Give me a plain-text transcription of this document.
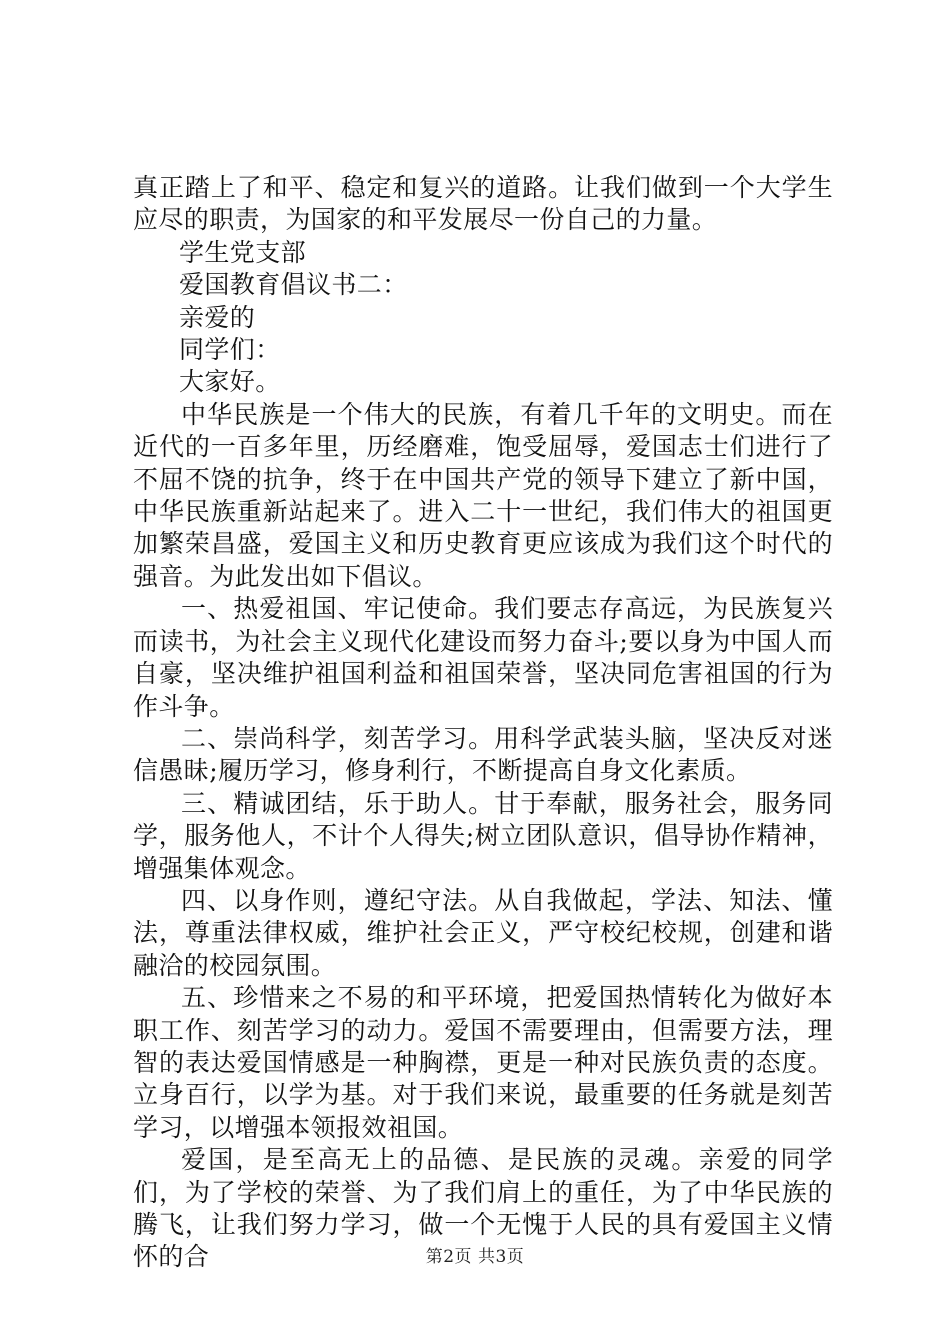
真正踏上了和平、稳定和复兴的道路。让我们做到一个大学生应尽的职责，为国家的和平发展尽一份自己的力量。

学生党支部

爱国教育倡议书二：

亲爱的

同学们：

大家好。

中华民族是一个伟大的民族，有着几千年的文明史。而在近代的一百多年里，历经磨难，饱受屈辱，爱国志士们进行了不屈不饶的抗争，终于在中国共产党的领导下建立了新中国，中华民族重新站起来了。进入二十一世纪，我们伟大的祖国更加繁荣昌盛，爱国主义和历史教育更应该成为我们这个时代的强音。为此发出如下倡议。

一、热爱祖国、牢记使命。我们要志存高远，为民族复兴而读书，为社会主义现代化建设而努力奋斗;要以身为中国人而自豪，坚决维护祖国利益和祖国荣誉，坚决同危害祖国的行为作斗争。

二、崇尚科学，刻苦学习。用科学武装头脑，坚决反对迷信愚昧;履历学习，修身利行，不断提高自身文化素质。

三、精诚团结，乐于助人。甘于奉献，服务社会，服务同学，服务他人，不计个人得失;树立团队意识，倡导协作精神，增强集体观念。

四、以身作则，遵纪守法。从自我做起，学法、知法、懂法，尊重法律权威，维护社会正义，严守校纪校规，创建和谐融洽的校园氛围。

五、珍惜来之不易的和平环境，把爱国热情转化为做好本职工作、刻苦学习的动力。爱国不需要理由，但需要方法，理智的表达爱国情感是一种胸襟，更是一种对民族负责的态度。立身百行，以学为基。对于我们来说，最重要的任务就是刻苦学习，以增强本领报效祖国。

爱国，是至高无上的品德、是民族的灵魂。亲爱的同学们，为了学校的荣誉、为了我们肩上的重任，为了中华民族的腾飞，让我们努力学习，做一个无愧于人民的具有爱国主义情怀的合	第2页 共3页
